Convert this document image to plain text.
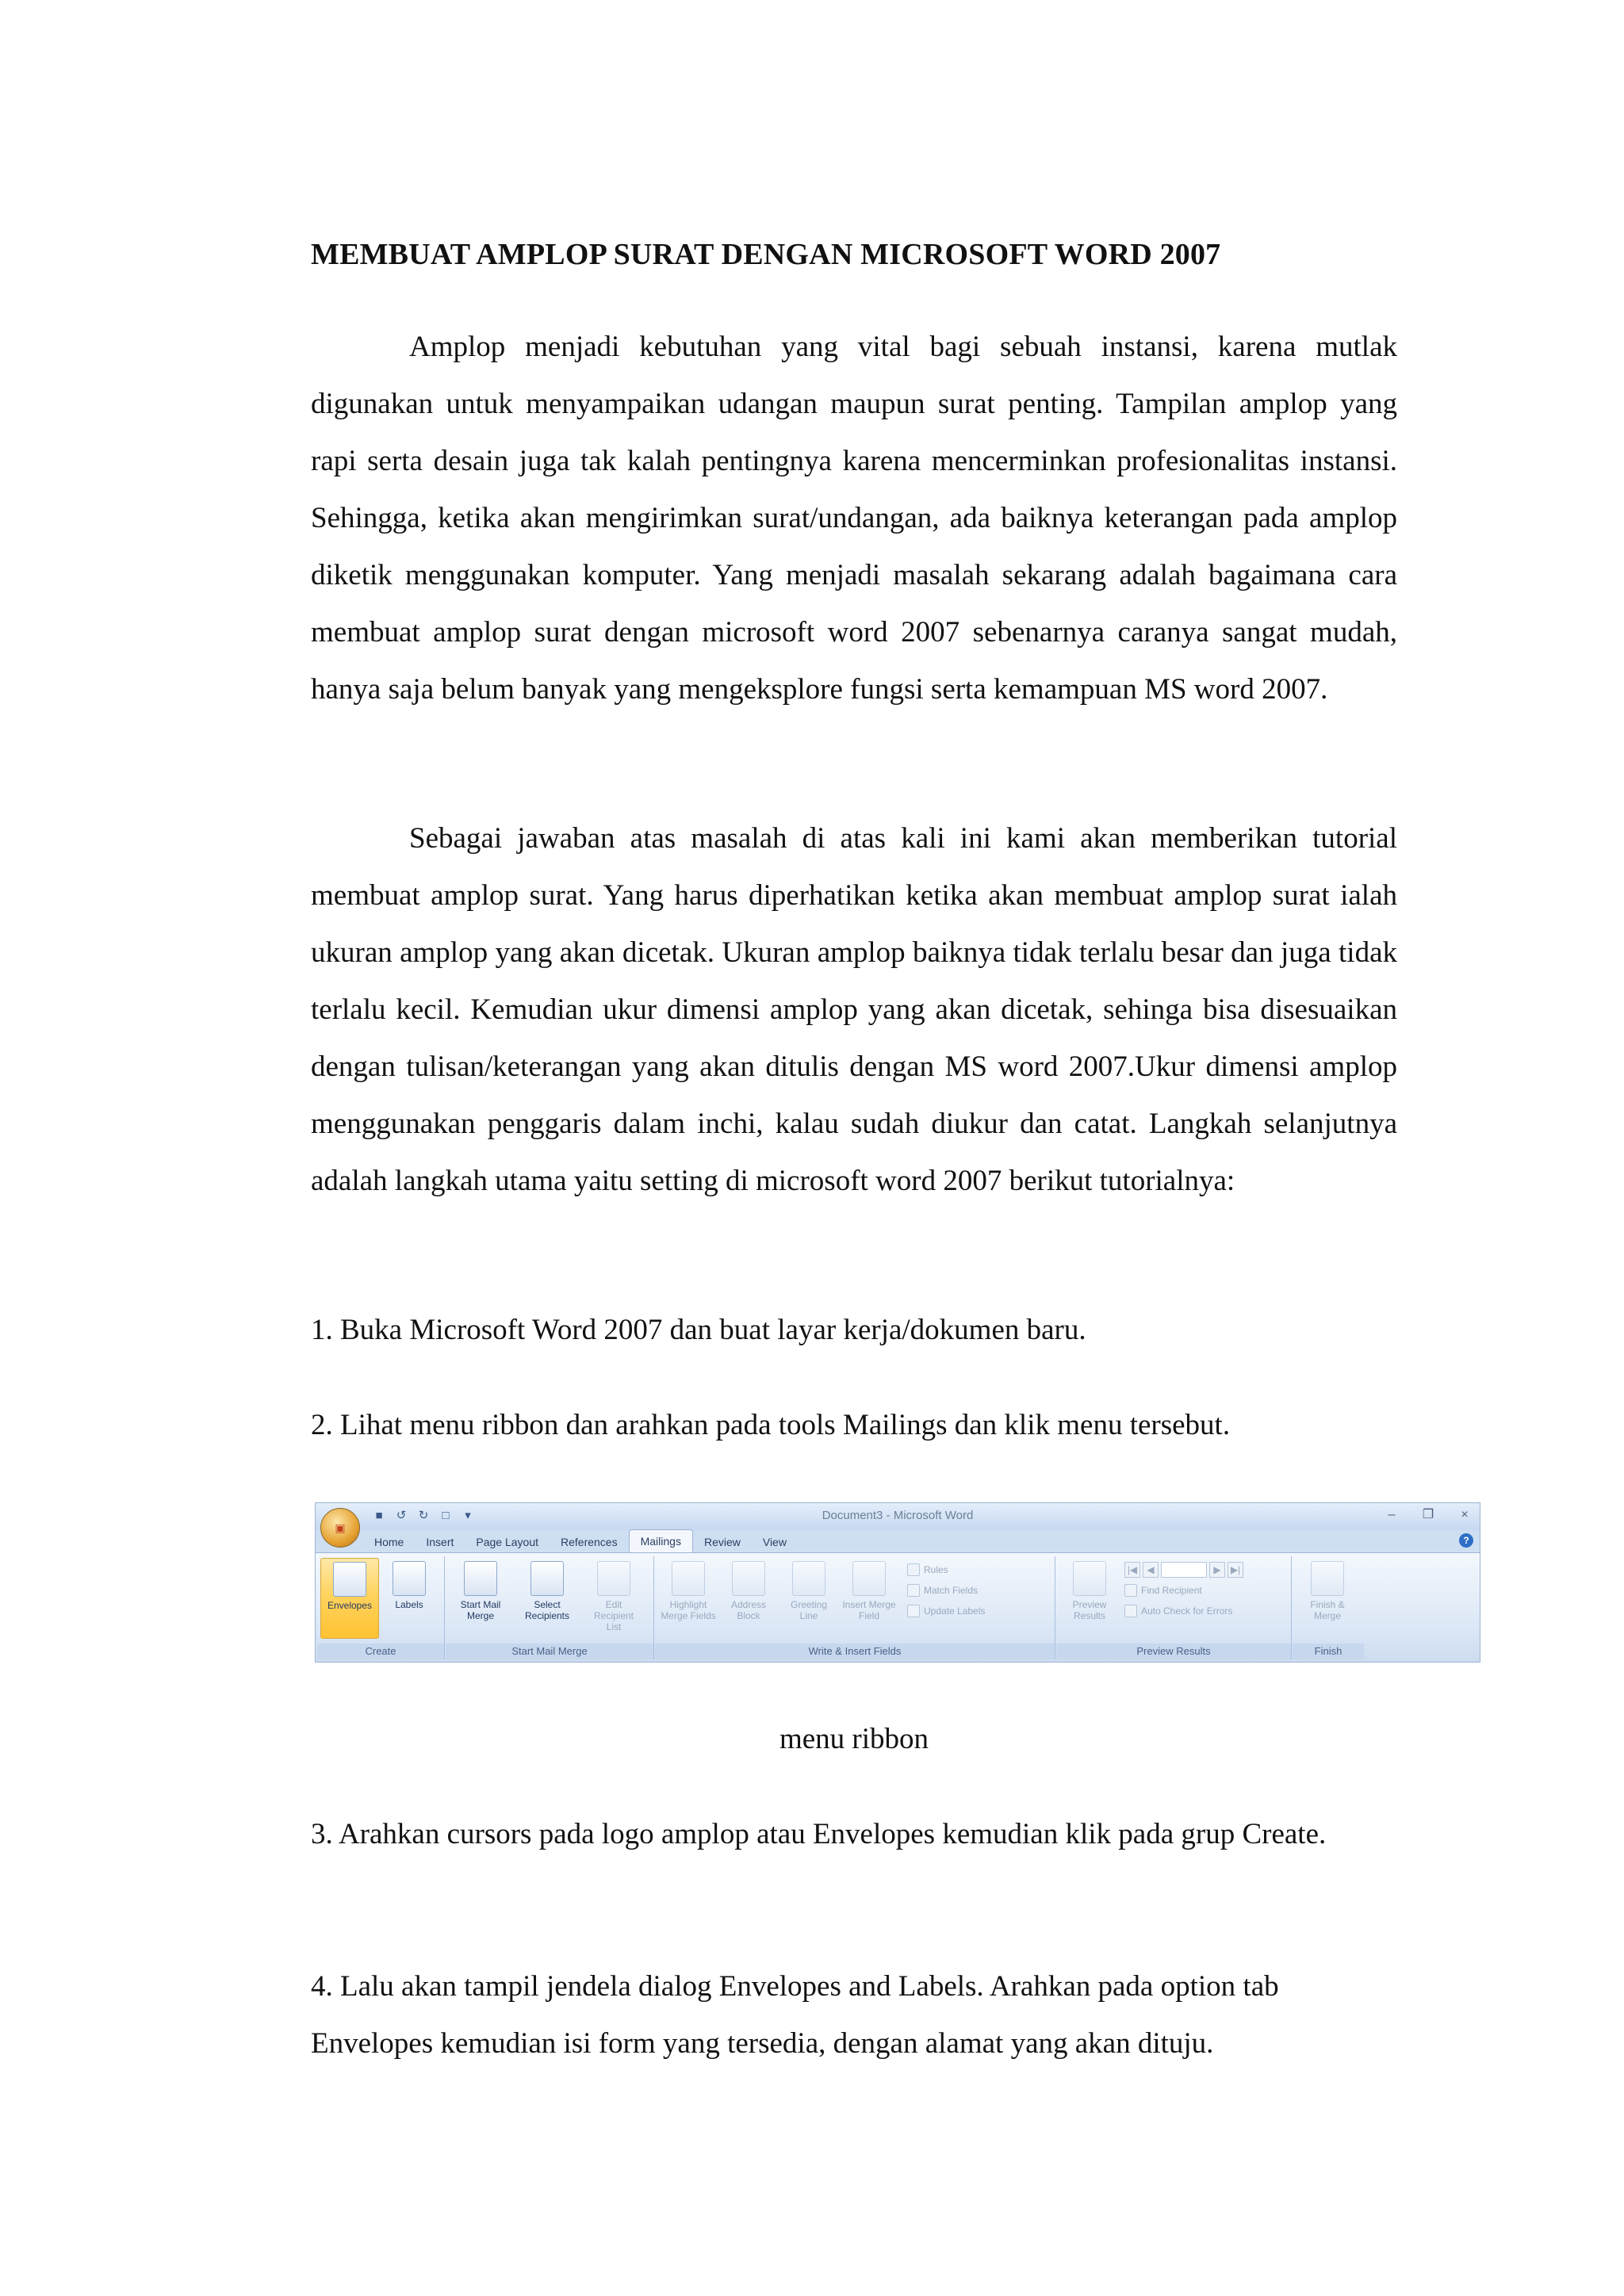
MEMBUAT AMPLOP SURAT DENGAN MICROSOFT WORD 2007

Amplop menjadi kebutuhan yang vital bagi sebuah instansi, karena mutlak digunakan untuk menyampaikan udangan maupun surat penting. Tampilan amplop yang rapi serta desain juga tak kalah pentingnya karena mencerminkan profesionalitas instansi. Sehingga, ketika akan mengirimkan surat/undangan, ada baiknya keterangan pada amplop diketik menggunakan komputer. Yang menjadi masalah sekarang adalah bagaimana cara membuat amplop surat dengan microsoft word 2007 sebenarnya caranya sangat mudah, hanya saja belum banyak yang mengeksplore fungsi serta kemampuan MS word 2007.

Sebagai jawaban atas masalah di atas kali ini kami akan memberikan tutorial membuat amplop surat. Yang harus diperhatikan ketika akan membuat amplop surat ialah ukuran amplop yang akan dicetak. Ukuran amplop baiknya tidak terlalu besar dan juga tidak terlalu kecil. Kemudian ukur dimensi amplop yang akan dicetak, sehinga bisa disesuaikan dengan tulisan/keterangan yang akan ditulis dengan MS word 2007.Ukur dimensi amplop menggunakan penggaris dalam inchi, kalau sudah diukur dan catat. Langkah selanjutnya adalah langkah utama yaitu setting di microsoft word 2007 berikut tutorialnya:

1. Buka Microsoft Word 2007 dan buat layar kerja/dokumen baru.

2. Lihat menu ribbon dan arahkan pada tools Mailings dan klik menu tersebut.

■	↺ ↻	□	▾	Document3 - Microsoft Word	–	❐	×
▣
Home	Insert	Page Layout	References	Mailings	Review	View	?
Envelopes	Labels
Create
Start Mail Merge
Select Recipients
Edit Recipient List
Start Mail Merge
Highlight Merge Fields
Address Block
Greeting Line
Insert Merge Field
Rules
Match Fields
Update Labels
Write & Insert Fields
Preview Results
|◀	◀	▶	▶|
Find Recipient
Auto Check for Errors
Preview Results
Finish & Merge
Finish
menu ribbon

3. Arahkan cursors pada logo amplop atau Envelopes kemudian klik pada grup Create.

4. Lalu akan tampil jendela dialog Envelopes and Labels. Arahkan pada option tab Envelopes kemudian isi form yang tersedia, dengan alamat yang akan dituju.
